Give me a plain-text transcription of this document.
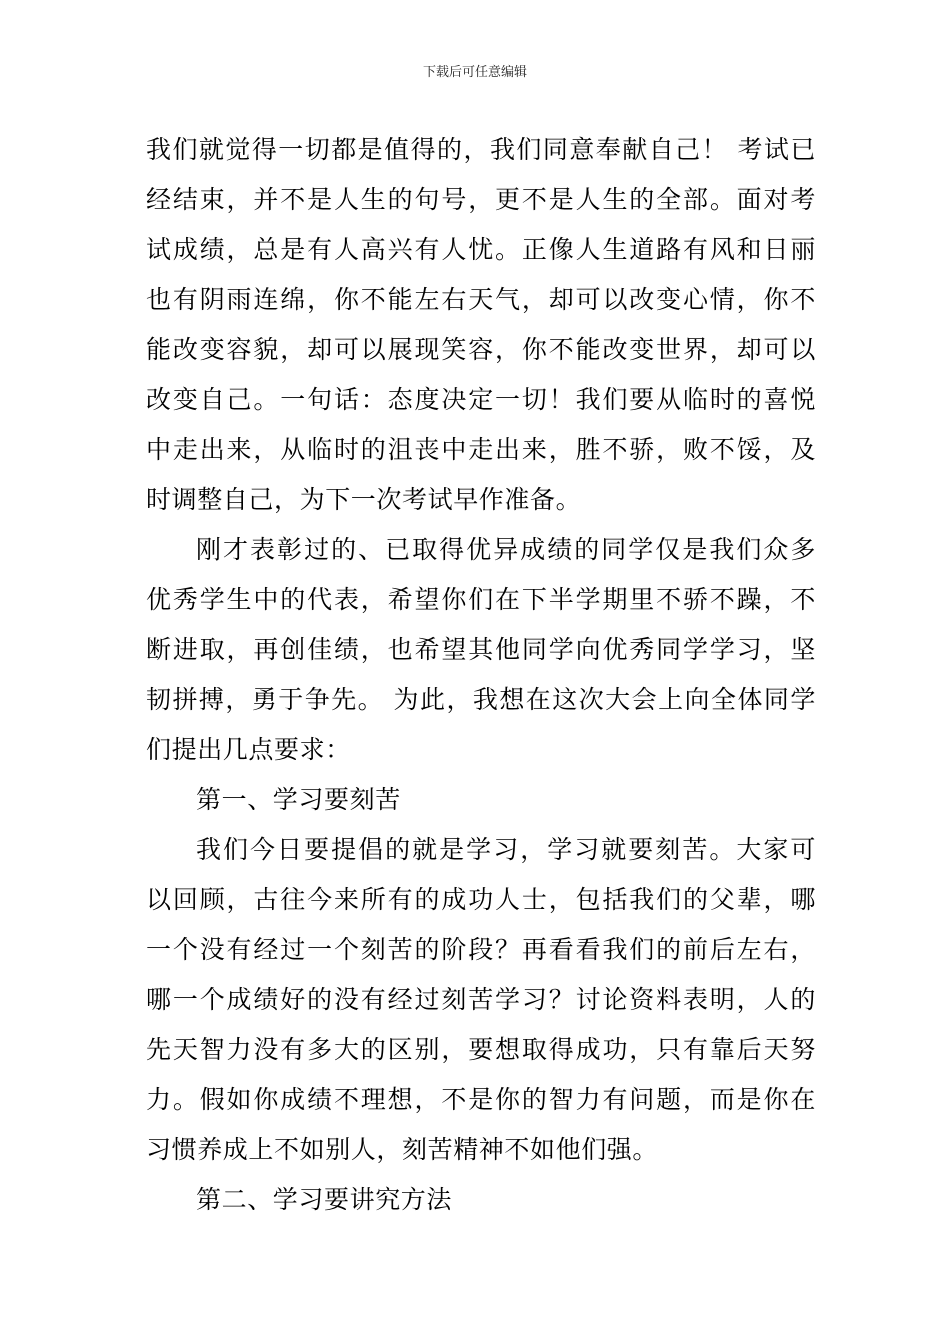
下载后可任意编辑
我们就觉得一切都是值得的，我们同意奉献自己！ 考试已
经结束，并不是人生的句号，更不是人生的全部。面对考
试成绩，总是有人高兴有人忧。正像人生道路有风和日丽
也有阴雨连绵，你不能左右天气，却可以改变心情，你不
能改变容貌，却可以展现笑容，你不能改变世界，却可以
改变自己。一句话：态度决定一切！我们要从临时的喜悦
中走出来，从临时的沮丧中走出来，胜不骄，败不馁，及
时调整自己，为下一次考试早作准备。
刚才表彰过的、已取得优异成绩的同学仅是我们众多
优秀学生中的代表，希望你们在下半学期里不骄不躁，不
断进取，再创佳绩，也希望其他同学向优秀同学学习，坚
韧拼搏，勇于争先。 为此，我想在这次大会上向全体同学
们提出几点要求：
第一、学习要刻苦
我们今日要提倡的就是学习，学习就要刻苦。大家可
以回顾，古往今来所有的成功人士，包括我们的父辈，哪
一个没有经过一个刻苦的阶段？再看看我们的前后左右，
哪一个成绩好的没有经过刻苦学习？讨论资料表明，人的
先天智力没有多大的区别，要想取得成功，只有靠后天努
力。假如你成绩不理想，不是你的智力有问题，而是你在
习惯养成上不如别人，刻苦精神不如他们强。
第二、学习要讲究方法
